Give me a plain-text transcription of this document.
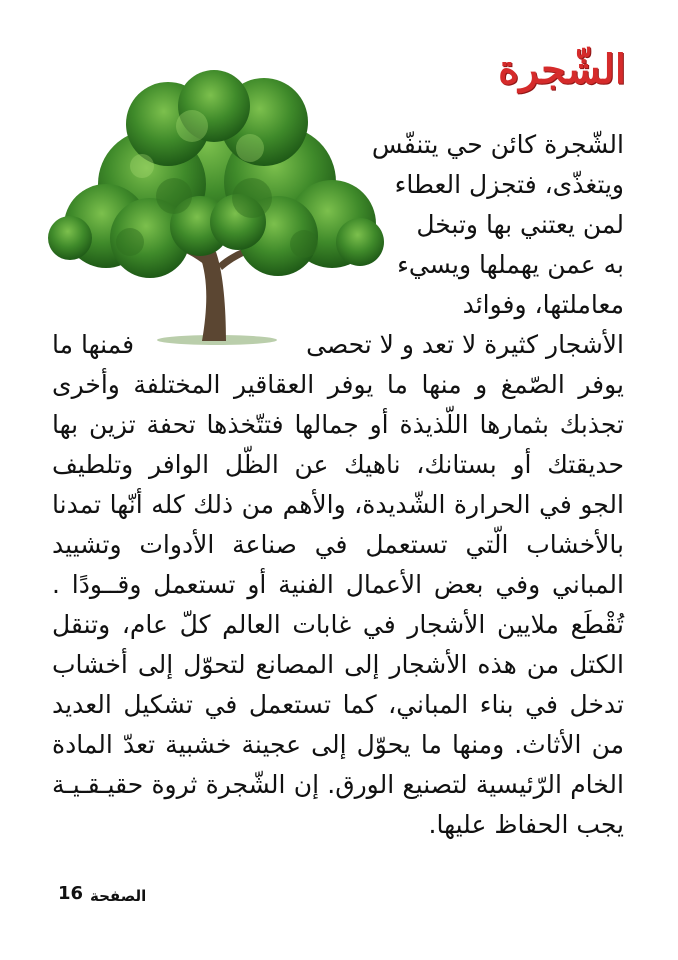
الشّجرة
الشّجرة كائن حي يتنفّس
ويتغذّى، فتجزل العطاء
لمن يعتني بها وتبخل
به عمن يهملها ويسيء
معاملتها، وفوائد
الأشجار كثيرة لا تعد و لا تحصى
فمنها ما
يوفر الصّمغ و منها ما يوفر العقاقير المختلفة وأخرى
تجذبك بثمارها اللّذيذة أو جمالها فتتّخذها تحفة تزين بها
حديقتك أو بستانك، ناهيك عن الظّل الوافر وتلطيف
الجو في الحرارة الشّديدة، والأهم من ذلك كله أنّها تمدنا
بالأخشاب الّتي تستعمل في صناعة الأدوات وتشييد
المباني وفي بعض الأعمال الفنية أو تستعمل وقــودًا .
تُقْطَع ملايين الأشجار في غابات العالم كلّ عام، وتنقل
الكتل من هذه الأشجار إلى المصانع لتحوّل إلى أخشاب
تدخل في بناء المباني، كما تستعمل في تشكيل العديد
من الأثاث. ومنها ما يحوّل إلى عجينة خشبية تعدّ المادة
الخام الرّئيسية لتصنيع الورق. إن الشّجرة ثروة حقيـقـيـة
يجب الحفاظ عليها.
الصفحة
16
